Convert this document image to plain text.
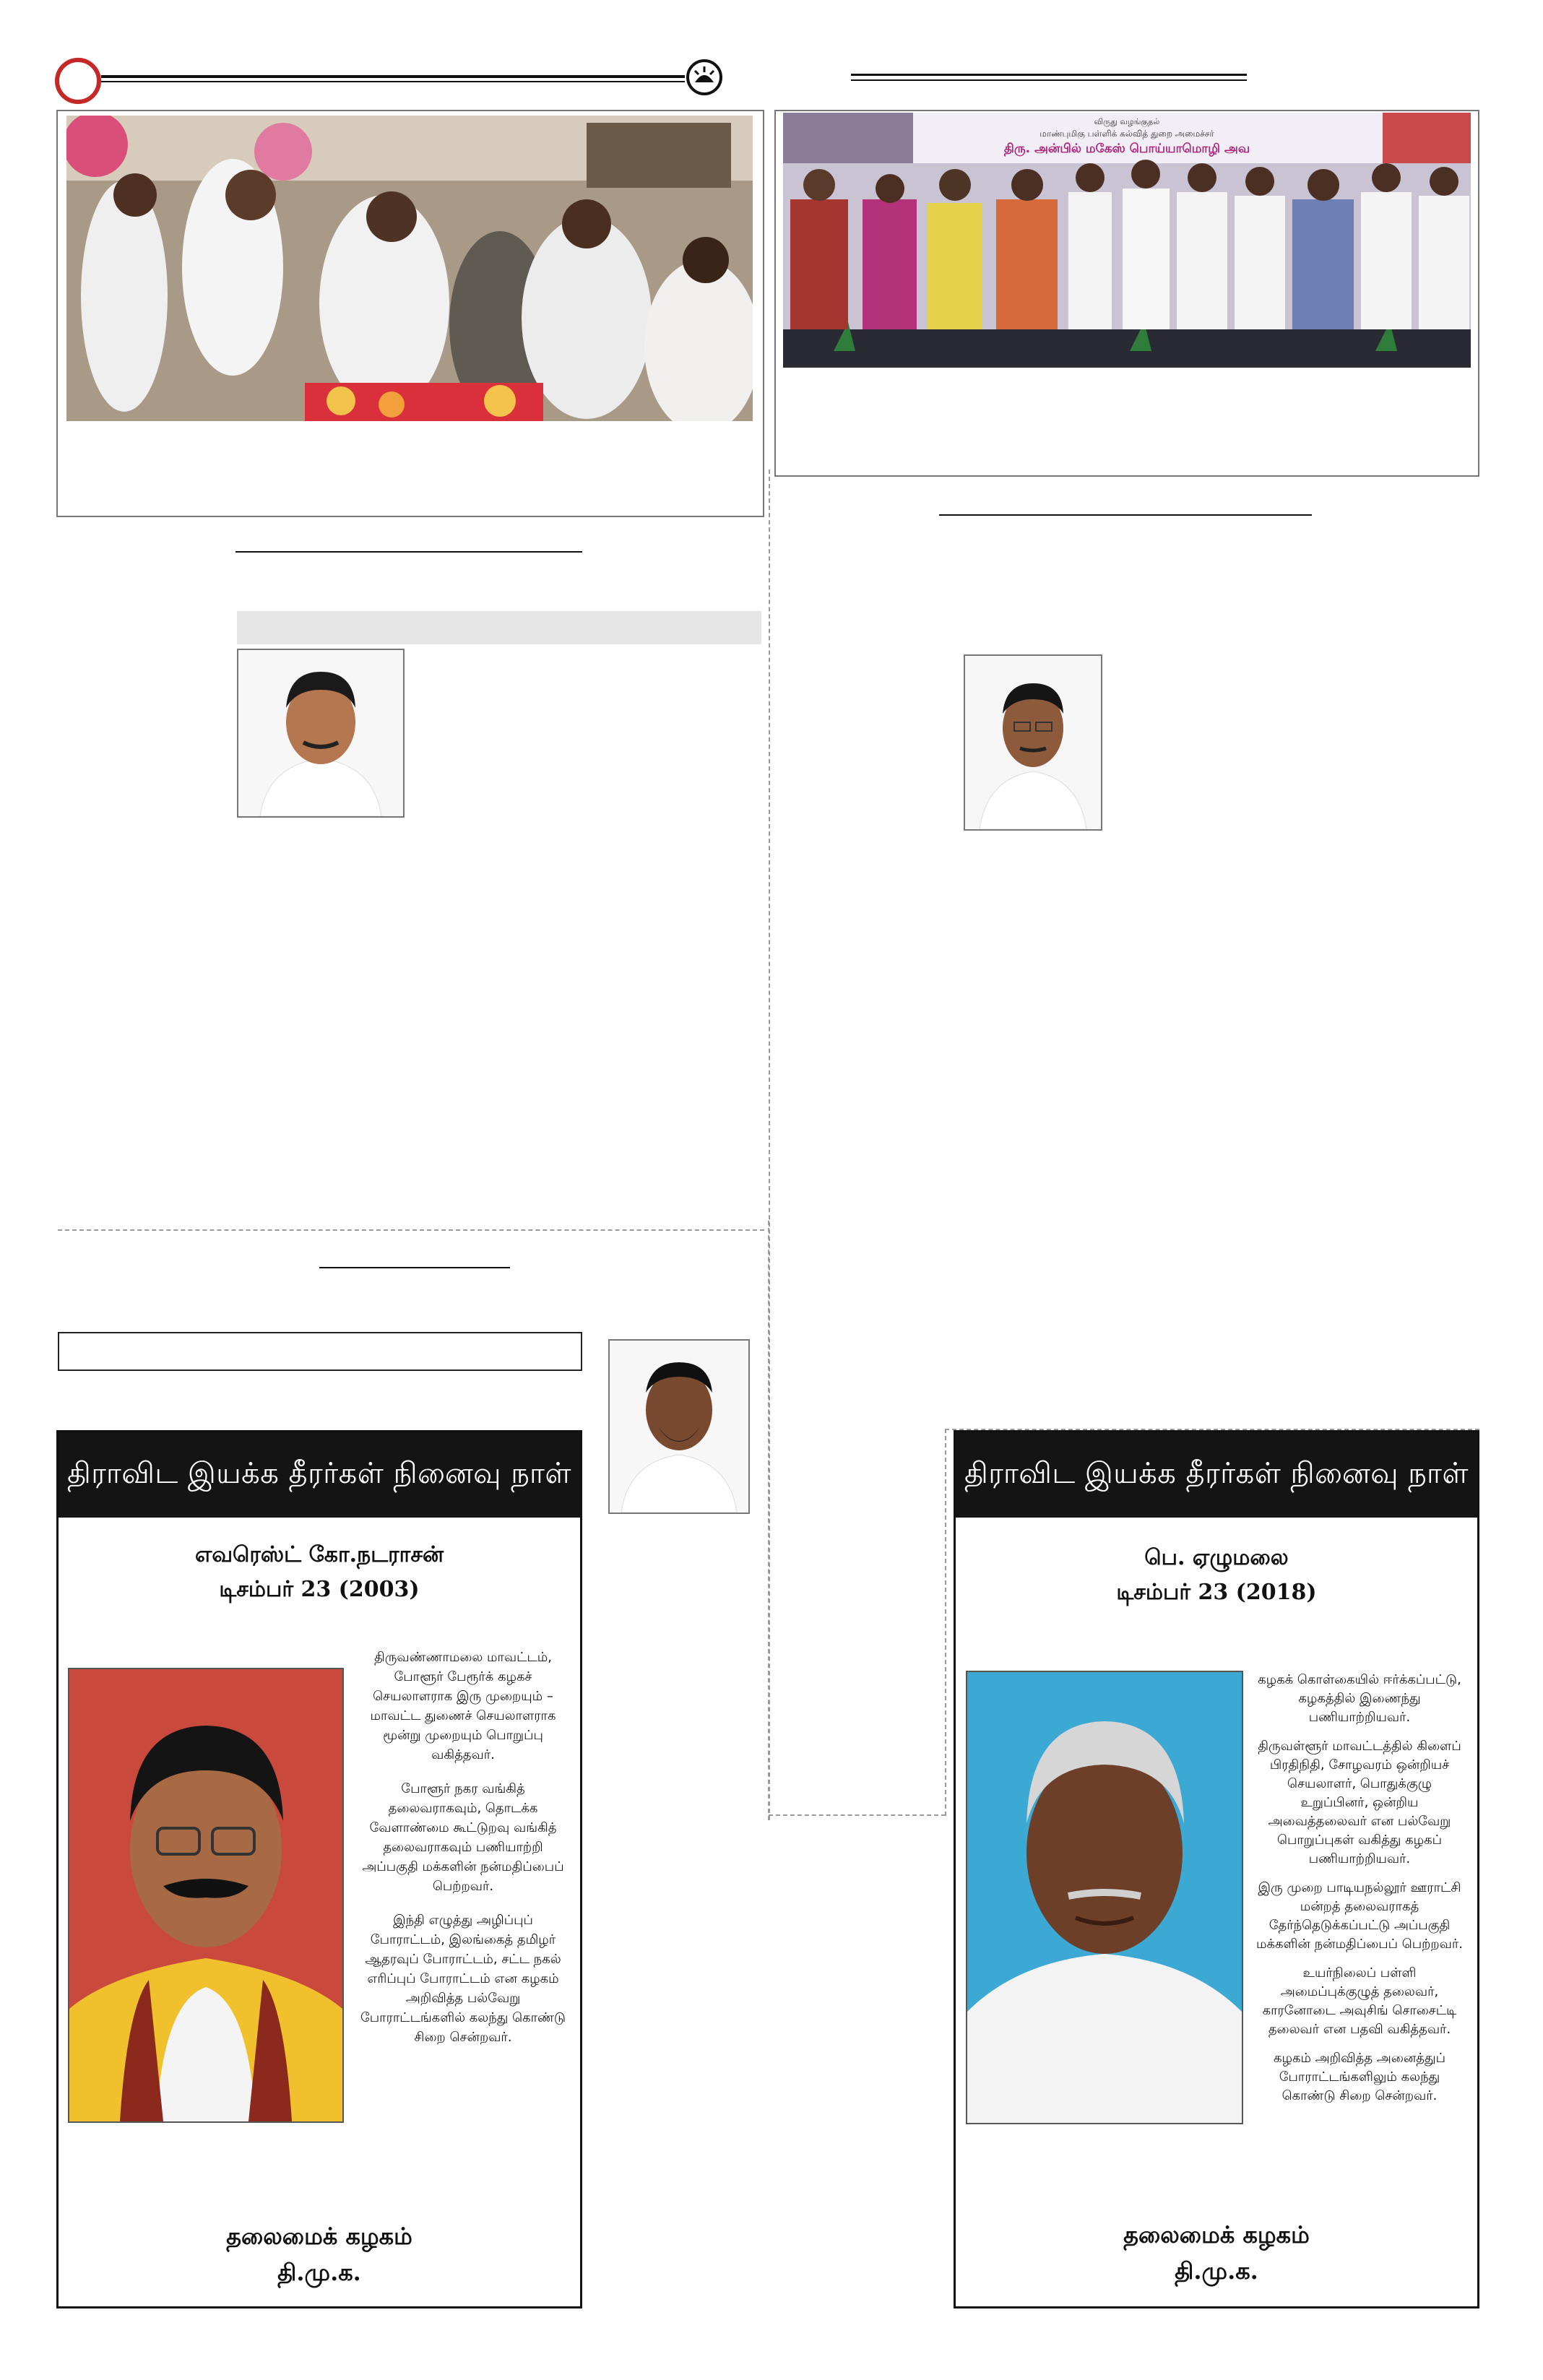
விருது வழங்குதல்
மாண்புமிகு பள்ளிக் கல்வித் துறை அமைச்சர்
திரு. அன்பில் மகேஸ் பொய்யாமொழி அவ
திராவிட இயக்க தீரர்கள் நினைவு நாள்
எவரெஸ்ட் கோ.நடராசன்
டிசம்பர் 23 (2003)

திருவண்ணாமலை மாவட்டம், போளூர் பேரூர்க் கழகச் செயலாளராக இரு முறையும் – மாவட்ட துணைச் செயலாளராக மூன்று முறையும் பொறுப்பு வகித்தவர்.

போளூர் நகர வங்கித் தலைவராகவும், தொடக்க வேளாண்மை கூட்டுறவு வங்கித் தலைவராகவும் பணியாற்றி அப்பகுதி மக்களின் நன்மதிப்பைப் பெற்றவர்.

இந்தி எழுத்து அழிப்புப் போராட்டம், இலங்கைத் தமிழர் ஆதரவுப் போராட்டம், சட்ட நகல் எரிப்புப் போராட்டம் என கழகம் அறிவித்த பல்வேறு போராட்டங்களில் கலந்து கொண்டு சிறை சென்றவர்.

தலைமைக் கழகம்
தி.மு.க.
திராவிட இயக்க தீரர்கள் நினைவு நாள்
பெ. ஏழுமலை
டிசம்பர் 23 (2018)

கழகக் கொள்கையில் ஈர்க்கப்பட்டு, கழகத்தில் இணைந்து பணியாற்றியவர்.

திருவள்ளூர் மாவட்டத்தில் கிளைப் பிரதிநிதி, சோழவரம் ஒன்றியச் செயலாளர், பொதுக்குழு உறுப்பினர், ஒன்றிய அவைத்தலைவர் என பல்வேறு பொறுப்புகள் வகித்து கழகப் பணியாற்றியவர்.

இரு முறை பாடியநல்லூர் ஊராட்சி மன்றத் தலைவராகத் தேர்ந்தெடுக்கப்பட்டு அப்பகுதி மக்களின் நன்மதிப்பைப் பெற்றவர்.

உயர்நிலைப் பள்ளி அமைப்புக்குழுத் தலைவர், காரனோடை அவுசிங் சொசைட்டி தலைவர் என பதவி வகித்தவர்.

கழகம் அறிவித்த அனைத்துப் போராட்டங்களிலும் கலந்து கொண்டு சிறை சென்றவர்.

தலைமைக் கழகம்
தி.மு.க.
